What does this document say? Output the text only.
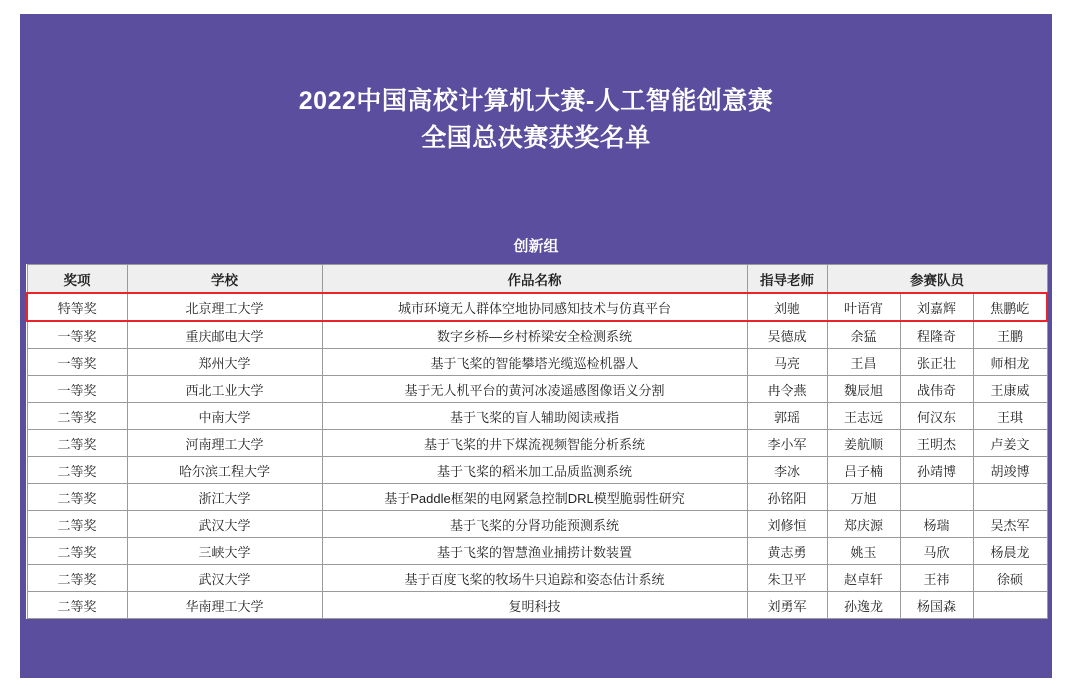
2022中国高校计算机大赛-人工智能创意赛
全国总决赛获奖名单
创新组
奖项	学校	作品名称	指导老师	参赛队员		
特等奖	北京理工大学	城市环境无人群体空地协同感知技术与仿真平台	刘驰	叶语宵	刘嘉辉	焦鹏屹
一等奖	重庆邮电大学	数字乡桥—乡村桥梁安全检测系统	吴德成	余猛	程隆奇	王鹏
一等奖	郑州大学	基于飞桨的智能攀塔光缆巡检机器人	马亮	王昌	张正壮	师相龙
一等奖	西北工业大学	基于无人机平台的黄河冰凌遥感图像语义分割	冉令燕	魏辰旭	战伟奇	王康威
二等奖	中南大学	基于飞桨的盲人辅助阅读戒指	郭瑶	王志远	何汉东	王琪
二等奖	河南理工大学	基于飞桨的井下煤流视频智能分析系统	李小军	姜航顺	王明杰	卢姜文
二等奖	哈尔滨工程大学	基于飞桨的稻米加工品质监测系统	李冰	吕子楠	孙靖博	胡竣博
二等奖	浙江大学	基于Paddle框架的电网紧急控制DRL模型脆弱性研究	孙铭阳	万旭		
二等奖	武汉大学	基于飞桨的分肾功能预测系统	刘修恒	郑庆源	杨瑞	吴杰军
二等奖	三峡大学	基于飞桨的智慧渔业捕捞计数装置	黄志勇	姚玉	马欣	杨晨龙
二等奖	武汉大学	基于百度飞桨的牧场牛只追踪和姿态估计系统	朱卫平	赵卓轩	王祎	徐硕
二等奖	华南理工大学	复明科技	刘勇军	孙逸龙	杨国森	
